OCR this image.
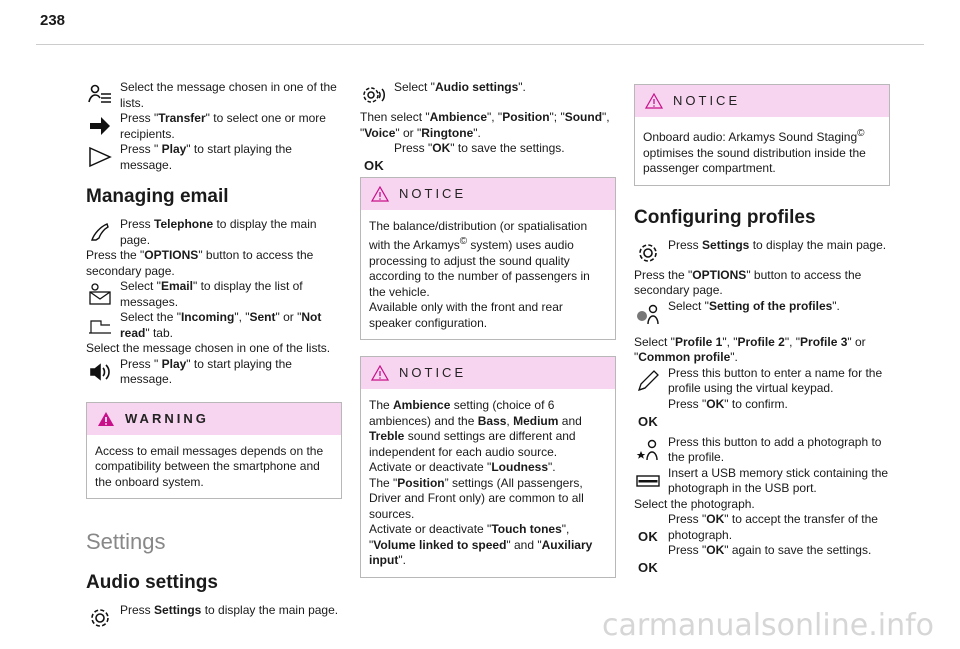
238
Select the message chosen in one of the lists.
Press "Transfer" to select one or more recipients.
Press " Play" to start playing the message.
Managing email
Press Telephone to display the main page.
Press the "OPTIONS" button to access the secondary page.
Select "Email" to display the list of messages.
Select the "Incoming", "Sent" or "Not read" tab.
Select the message chosen in one of the lists.
Press " Play" to start playing the message.
WARNING
Access to email messages depends on the compatibility between the smartphone and the onboard system.
Settings
Audio settings
Press Settings to display the main page.
Select "Audio settings".
Then select "Ambience", "Position"; "Sound", "Voice" or "Ringtone".
OK
Press "OK" to save the settings.
NOTICE
The balance/distribution (or spatialisation with the Arkamys© system) uses audio processing to adjust the sound quality according to the number of passengers in the vehicle.
Available only with the front and rear speaker configuration.
NOTICE
The Ambience setting (choice of 6 ambiences) and the Bass, Medium and Treble sound settings are different and independent for each audio source.
Activate or deactivate "Loudness".
The "Position” settings (All passengers, Driver and Front only) are common to all sources.
Activate or deactivate "Touch tones", "Volume linked to speed" and "Auxiliary input".
NOTICE
Onboard audio: Arkamys Sound Staging© optimises the sound distribution inside the passenger compartment.
Configuring profiles
Press Settings to display the main page.
Press the "OPTIONS" button to access the secondary page.
Select "Setting of the profiles".
Select "Profile 1", "Profile 2", "Profile 3" or "Common profile".
Press this button to enter a name for the profile using the virtual keypad.
OK
Press "OK" to confirm.
Press this button to add a photograph to the profile.
Insert a USB memory stick containing the photograph in the USB port.
Select the photograph.
OK
Press "OK" to accept the transfer of the photograph.
OK
Press "OK" again to save the settings.
carmanualsonline.info
